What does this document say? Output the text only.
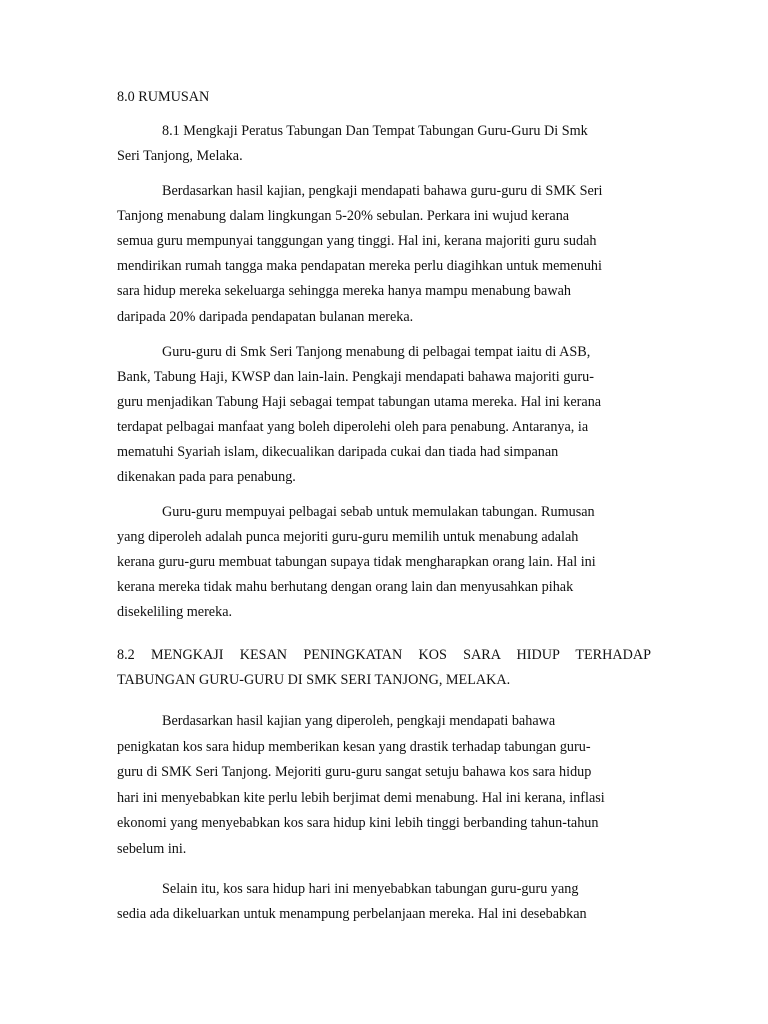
8.0 RUMUSAN
8.1 Mengkaji Peratus Tabungan Dan Tempat Tabungan Guru-Guru Di Smk
Seri Tanjong, Melaka.
Berdasarkan hasil kajian, pengkaji mendapati bahawa guru-guru di SMK Seri
Tanjong menabung dalam lingkungan 5-20% sebulan. Perkara ini wujud kerana
semua guru mempunyai tanggungan yang tinggi. Hal ini, kerana majoriti guru sudah
mendirikan rumah tangga maka pendapatan mereka perlu diagihkan untuk memenuhi
sara hidup mereka sekeluarga sehingga mereka hanya mampu menabung bawah
daripada 20% daripada pendapatan bulanan mereka.
Guru-guru di Smk Seri Tanjong menabung di pelbagai tempat iaitu di ASB,
Bank, Tabung Haji, KWSP dan lain-lain. Pengkaji mendapati bahawa majoriti guru-
guru menjadikan Tabung Haji sebagai tempat tabungan utama mereka. Hal ini kerana
terdapat pelbagai manfaat yang boleh diperolehi oleh para penabung. Antaranya, ia
mematuhi Syariah islam, dikecualikan daripada cukai dan tiada had simpanan
dikenakan pada para penabung.
Guru-guru mempuyai pelbagai sebab untuk memulakan tabungan. Rumusan
yang diperoleh adalah punca mejoriti guru-guru memilih untuk menabung adalah
kerana guru-guru membuat tabungan supaya tidak mengharapkan orang lain. Hal ini
kerana mereka tidak mahu berhutang dengan orang lain dan menyusahkan pihak
disekeliling mereka.
8.2 MENGKAJI KESAN PENINGKATAN KOS SARA HIDUP TERHADAP
TABUNGAN GURU-GURU DI SMK SERI TANJONG, MELAKA.
Berdasarkan hasil kajian yang diperoleh, pengkaji mendapati bahawa
penigkatan kos sara hidup memberikan kesan yang drastik terhadap tabungan guru-
guru di SMK Seri Tanjong. Mejoriti guru-guru sangat setuju bahawa kos sara hidup
hari ini menyebabkan kite perlu lebih berjimat demi menabung. Hal ini kerana, inflasi
ekonomi yang menyebabkan kos sara hidup kini lebih tinggi berbanding tahun-tahun
sebelum ini.
Selain itu, kos sara hidup hari ini menyebabkan tabungan guru-guru yang
sedia ada dikeluarkan untuk menampung perbelanjaan mereka. Hal ini desebabkan
